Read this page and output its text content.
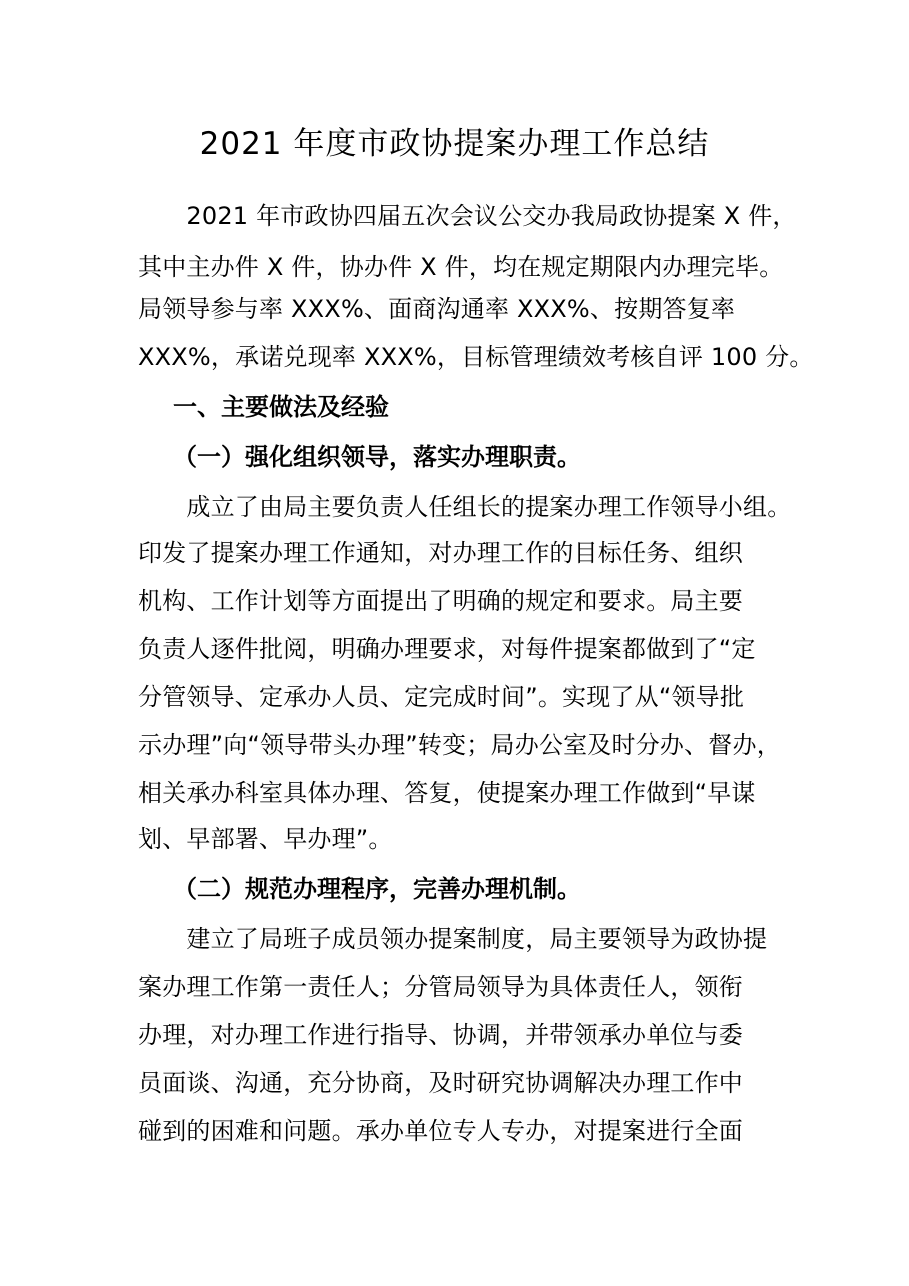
2021 年度市政协提案办理工作总结
　　2021 年市政协四届五次会议公交办我局政协提案 X 件，
其中主办件 X 件，协办件 X 件，均在规定期限内办理完毕。
局领导参与率 XXX%、面商沟通率 XXX%、按期答复率
XXX%，承诺兑现率 XXX%，目标管理绩效考核自评 100 分。
一、主要做法及经验
（一）强化组织领导，落实办理职责。
　　成立了由局主要负责人任组长的提案办理工作领导小组。
印发了提案办理工作通知，对办理工作的目标任务、组织
机构、工作计划等方面提出了明确的规定和要求。局主要
负责人逐件批阅，明确办理要求，对每件提案都做到了“定
分管领导、定承办人员、定完成时间”。实现了从“领导批
示办理”向“领导带头办理”转变；局办公室及时分办、督办，
相关承办科室具体办理、答复，使提案办理工作做到“早谋
划、早部署、早办理”。
（二）规范办理程序，完善办理机制。
　　建立了局班子成员领办提案制度，局主要领导为政协提
案办理工作第一责任人；分管局领导为具体责任人，领衔
办理，对办理工作进行指导、协调，并带领承办单位与委
员面谈、沟通，充分协商，及时研究协调解决办理工作中
碰到的困难和问题。承办单位专人专办，对提案进行全面
